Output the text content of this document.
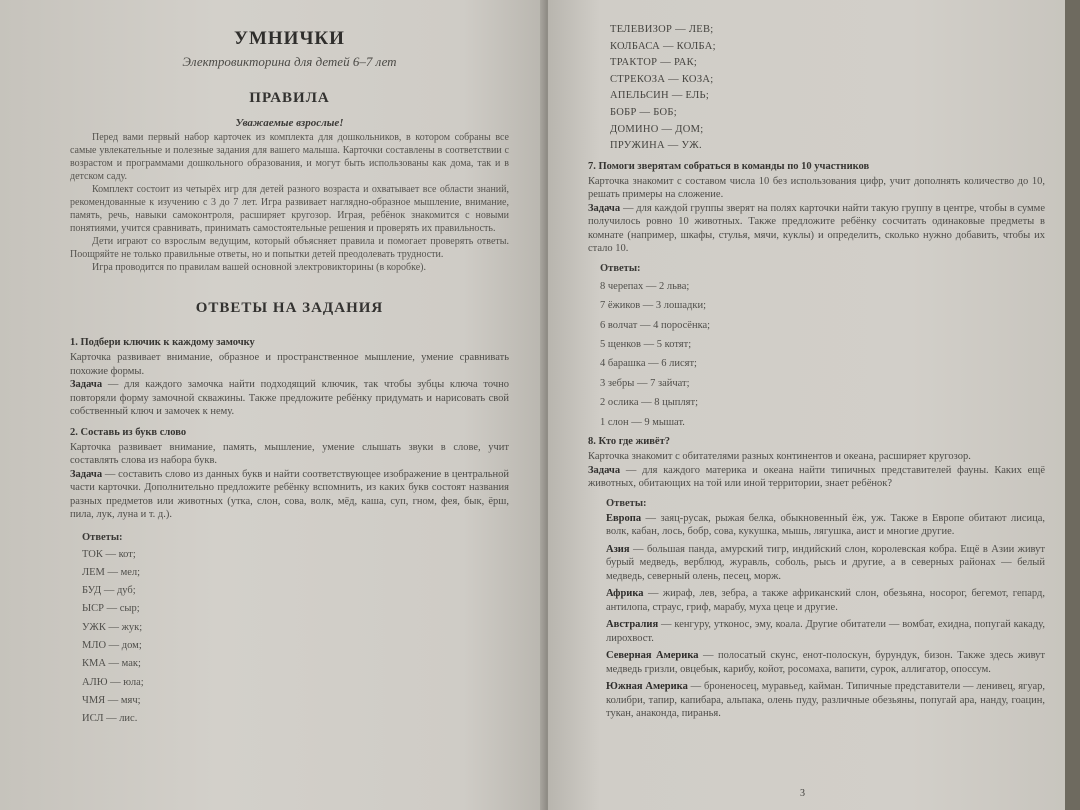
УМНИЧКИ
Электровикторина для детей 6–7 лет
ПРАВИЛА
Уважаемые взрослые!

Перед вами первый набор карточек из комплекта для дошкольников, в котором собраны все самые увлекательные и полезные задания для вашего малыша. Карточки составлены в соответствии с возрастом и программами дошкольного образования, и могут быть использованы как дома, так и в детском саду.

Комплект состоит из четырёх игр для детей разного возраста и охватывает все области знаний, рекомендованные к изучению с 3 до 7 лет. Игра развивает наглядно-образное мышление, внимание, память, речь, навыки самоконтроля, расширяет кругозор. Играя, ребёнок знакомится с новыми понятиями, учится сравнивать, принимать самостоятельные решения и проверять их правильность.

Дети играют со взрослым ведущим, который объясняет правила и помогает проверять ответы. Поощряйте не только правильные ответы, но и попытки детей преодолевать трудности.

Игра проводится по правилам вашей основной электровикторины (в коробке).

ОТВЕТЫ НА ЗАДАНИЯ
1. Подбери ключик к каждому замочку

Карточка развивает внимание, образное и пространственное мышление, умение сравнивать похожие формы.

Задача — для каждого замочка найти подходящий ключик, так чтобы зубцы ключа точно повторяли форму замочной скважины. Также предложите ребёнку придумать и нарисовать свой собственный ключ и замочек к нему.

2. Составь из букв слово

Карточка развивает внимание, память, мышление, умение слышать звуки в слове, учит составлять слова из набора букв.

Задача — составить слово из данных букв и найти соответствующее изображение в центральной части карточки. Дополнительно предложите ребёнку вспомнить, из каких букв состоят названия разных предметов или животных (утка, слон, сова, волк, мёд, каша, суп, гном, фея, бык, ёрш, пила, лук, луна и т. д.).

Ответы:
ТОК — кот;
ЛЕМ — мел;
БУД — дуб;
ЫСР — сыр;
УЖК — жук;
МЛО — дом;
КМА — мак;
АЛЮ — юла;
ЧМЯ — мяч;
ИСЛ — лис.
ТЕЛЕВИЗОР — ЛЕВ;
КОЛБАСА — КОЛБА;
ТРАКТОР — РАК;
СТРЕКОЗА — КОЗА;
АПЕЛЬСИН — ЕЛЬ;
БОБР — БОБ;
ДОМИНО — ДОМ;
ПРУЖИНА — УЖ.
7. Помоги зверятам собраться в команды по 10 участников

Карточка знакомит с составом числа 10 без использования цифр, учит дополнять количество до 10, решать примеры на сложение.

Задача — для каждой группы зверят на полях карточки найти такую группу в центре, чтобы в сумме получилось ровно 10 животных. Также предложите ребёнку сосчитать одинаковые предметы в комнате (например, шкафы, стулья, мячи, куклы) и определить, сколько нужно добавить, чтобы их стало 10.

Ответы:
8 черепах — 2 льва;
7 ёжиков — 3 лошадки;
6 волчат — 4 поросёнка;
5 щенков — 5 котят;
4 барашка — 6 лисят;
3 зебры — 7 зайчат;
2 ослика — 8 цыплят;
1 слон — 9 мышат.
8. Кто где живёт?

Карточка знакомит с обитателями разных континентов и океана, расширяет кругозор.

Задача — для каждого материка и океана найти типичных представителей фауны. Каких ещё животных, обитающих на той или иной территории, знает ребёнок?

Ответы:

Европа — заяц-русак, рыжая белка, обыкновенный ёж, уж. Также в Европе обитают лисица, волк, кабан, лось, бобр, сова, кукушка, мышь, лягушка, аист и многие другие.

Азия — большая панда, амурский тигр, индийский слон, королевская кобра. Ещё в Азии живут бурый медведь, верблюд, журавль, соболь, рысь и другие, а в северных районах — белый медведь, северный олень, песец, морж.

Африка — жираф, лев, зебра, а также африканский слон, обезьяна, носорог, бегемот, гепард, антилопа, страус, гриф, марабу, муха цеце и другие.

Австралия — кенгуру, утконос, эму, коала. Другие обитатели — вомбат, ехидна, попугай какаду, лирохвост.

Северная Америка — полосатый скунс, енот-полоскун, бурундук, бизон. Также здесь живут медведь гризли, овцебык, карибу, койот, росомаха, вапити, сурок, аллигатор, опоссум.

Южная Америка — броненосец, муравьед, кайман. Типичные представители — ленивец, ягуар, колибри, тапир, капибара, альпака, олень пуду, различные обезьяны, попугай ара, нанду, гоацин, тукан, анаконда, пиранья.

3
